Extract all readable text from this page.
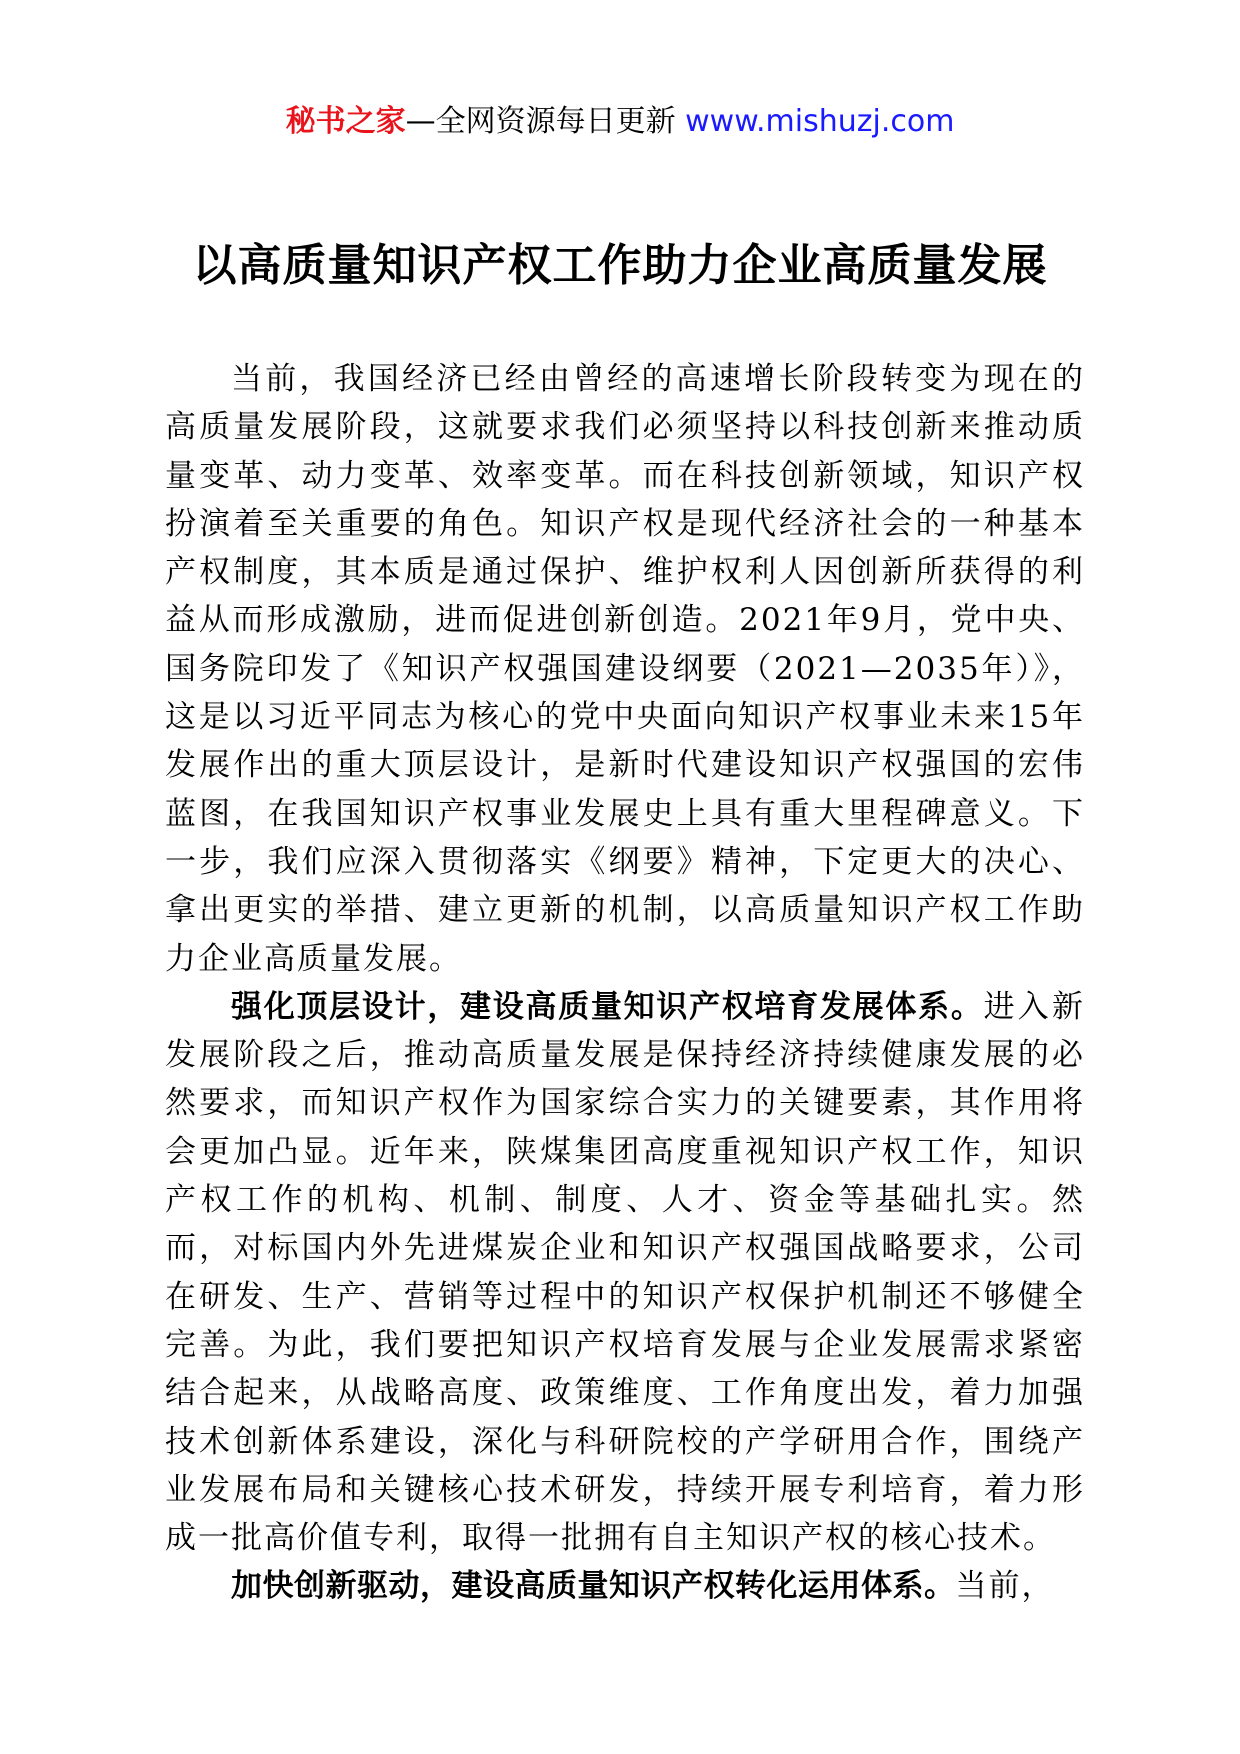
秘书之家—全网资源每日更新 www.mishuzj.com
以高质量知识产权工作助力企业高质量发展

当前，我国经济已经由曾经的高速增长阶段转变为现在的高质量发展阶段，这就要求我们必须坚持以科技创新来推动质量变革、动力变革、效率变革。而在科技创新领域，知识产权扮演着至关重要的角色。知识产权是现代经济社会的一种基本产权制度，其本质是通过保护、维护权利人因创新所获得的利益从而形成激励，进而促进创新创造。2021年9月，党中央、国务院印发了《知识产权强国建设纲要（2021—2035年）》，这是以习近平同志为核心的党中央面向知识产权事业未来15年发展作出的重大顶层设计，是新时代建设知识产权强国的宏伟蓝图，在我国知识产权事业发展史上具有重大里程碑意义。下一步，我们应深入贯彻落实《纲要》精神，下定更大的决心、拿出更实的举措、建立更新的机制，以高质量知识产权工作助力企业高质量发展。

强化顶层设计，建设高质量知识产权培育发展体系。进入新发展阶段之后，推动高质量发展是保持经济持续健康发展的必然要求，而知识产权作为国家综合实力的关键要素，其作用将会更加凸显。近年来，陕煤集团高度重视知识产权工作，知识产权工作的机构、机制、制度、人才、资金等基础扎实。然而，对标国内外先进煤炭企业和知识产权强国战略要求，公司在研发、生产、营销等过程中的知识产权保护机制还不够健全完善。为此，我们要把知识产权培育发展与企业发展需求紧密结合起来，从战略高度、政策维度、工作角度出发，着力加强技术创新体系建设，深化与科研院校的产学研用合作，围绕产业发展布局和关键核心技术研发，持续开展专利培育，着力形成一批高价值专利，取得一批拥有自主知识产权的核心技术。

加快创新驱动，建设高质量知识产权转化运用体系。当前，
